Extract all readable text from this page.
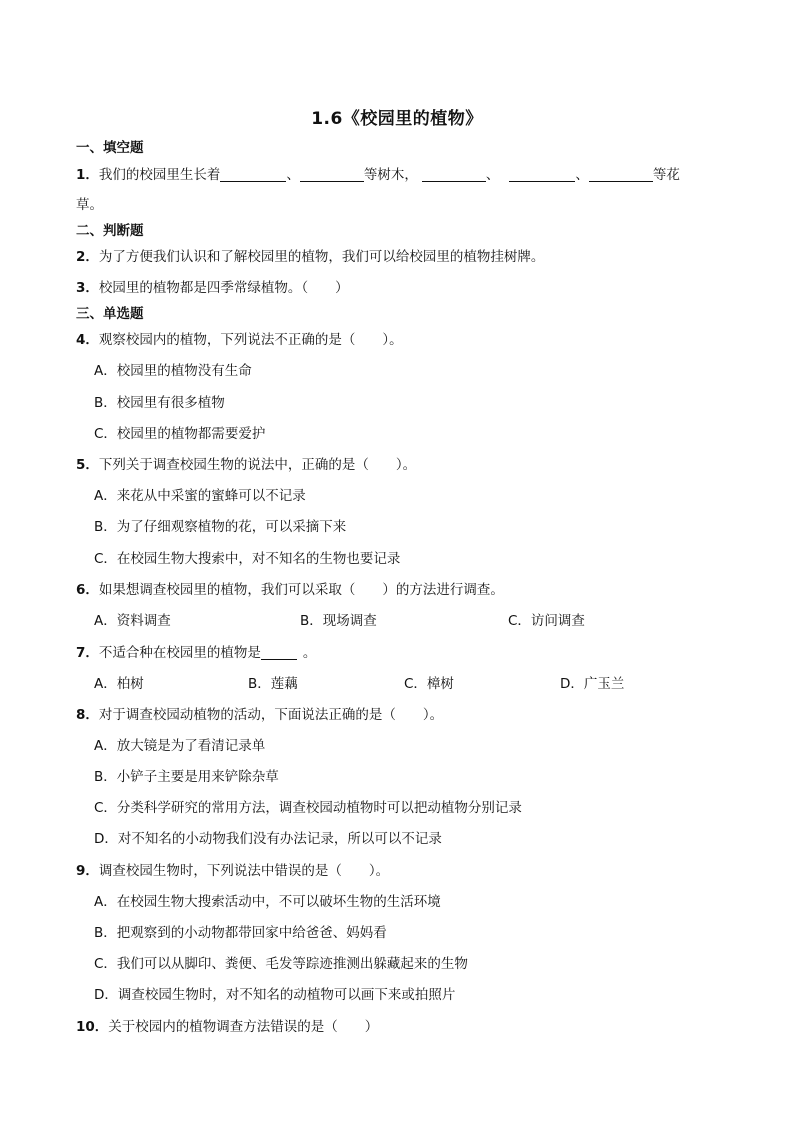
1.6《校园里的植物》
一、填空题
1．我们的校园里生长着	、	等树木，	、	、	等花
草。
二、判断题
2．为了方便我们认识和了解校园里的植物，我们可以给校园里的植物挂树牌。
3．校园里的植物都是四季常绿植物。（　　）
三、单选题
4．观察校园内的植物，下列说法不正确的是（　　）。
A．校园里的植物没有生命
B．校园里有很多植物
C．校园里的植物都需要爱护
5．下列关于调查校园生物的说法中，正确的是（　　）。
A．来花从中采蜜的蜜蜂可以不记录
B．为了仔细观察植物的花，可以采摘下来
C．在校园生物大搜索中，对不知名的生物也要记录
6．如果想调查校园里的植物，我们可以采取（　　）的方法进行调查。
A．资料调查	B．现场调查	C．访问调查
7．不适合种在校园里的植物是	。
A．柏树	B．莲藕	C．樟树	D．广玉兰
8．对于调查校园动植物的活动，下面说法正确的是（　　）。
A．放大镜是为了看清记录单
B．小铲子主要是用来铲除杂草
C．分类科学研究的常用方法，调查校园动植物时可以把动植物分别记录
D．对不知名的小动物我们没有办法记录，所以可以不记录
9．调查校园生物时，下列说法中错误的是（　　）。
A．在校园生物大搜索活动中，不可以破坏生物的生活环境
B．把观察到的小动物都带回家中给爸爸、妈妈看
C．我们可以从脚印、粪便、毛发等踪迹推测出躲藏起来的生物
D．调查校园生物时，对不知名的动植物可以画下来或拍照片
10．关于校园内的植物调查方法错误的是（　　）
